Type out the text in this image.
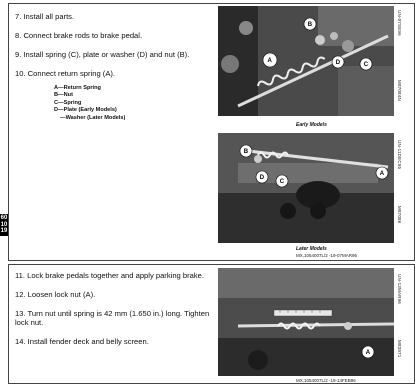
60
10
19
7. Install all parts.
8. Connect brake rods to brake pedal.
9. Install spring (C), plate or washer (D) and nut (B).
10. Connect return spring (A).
A—Return Spring
B—Nut
C—Spring
D—Plate (Early Models)
—Washer (Later Models)
A
B
D	C
Early Models
UN-07SE96
M87084N
B
D
C
A
Later Models
UN-11DEC95
M87086
MX,1054007L/2 -19-07MAR96
11. Lock brake pedals together and apply parking brake.
12. Loosen lock nut (A).
13. Turn nut until spring is 42 mm (1.650 in.) long. Tighten lock nut.
14. Install fender deck and belly screen.
A
UN-13MAR96
M83971
MX,1054007L/2 -19-14FEB96
